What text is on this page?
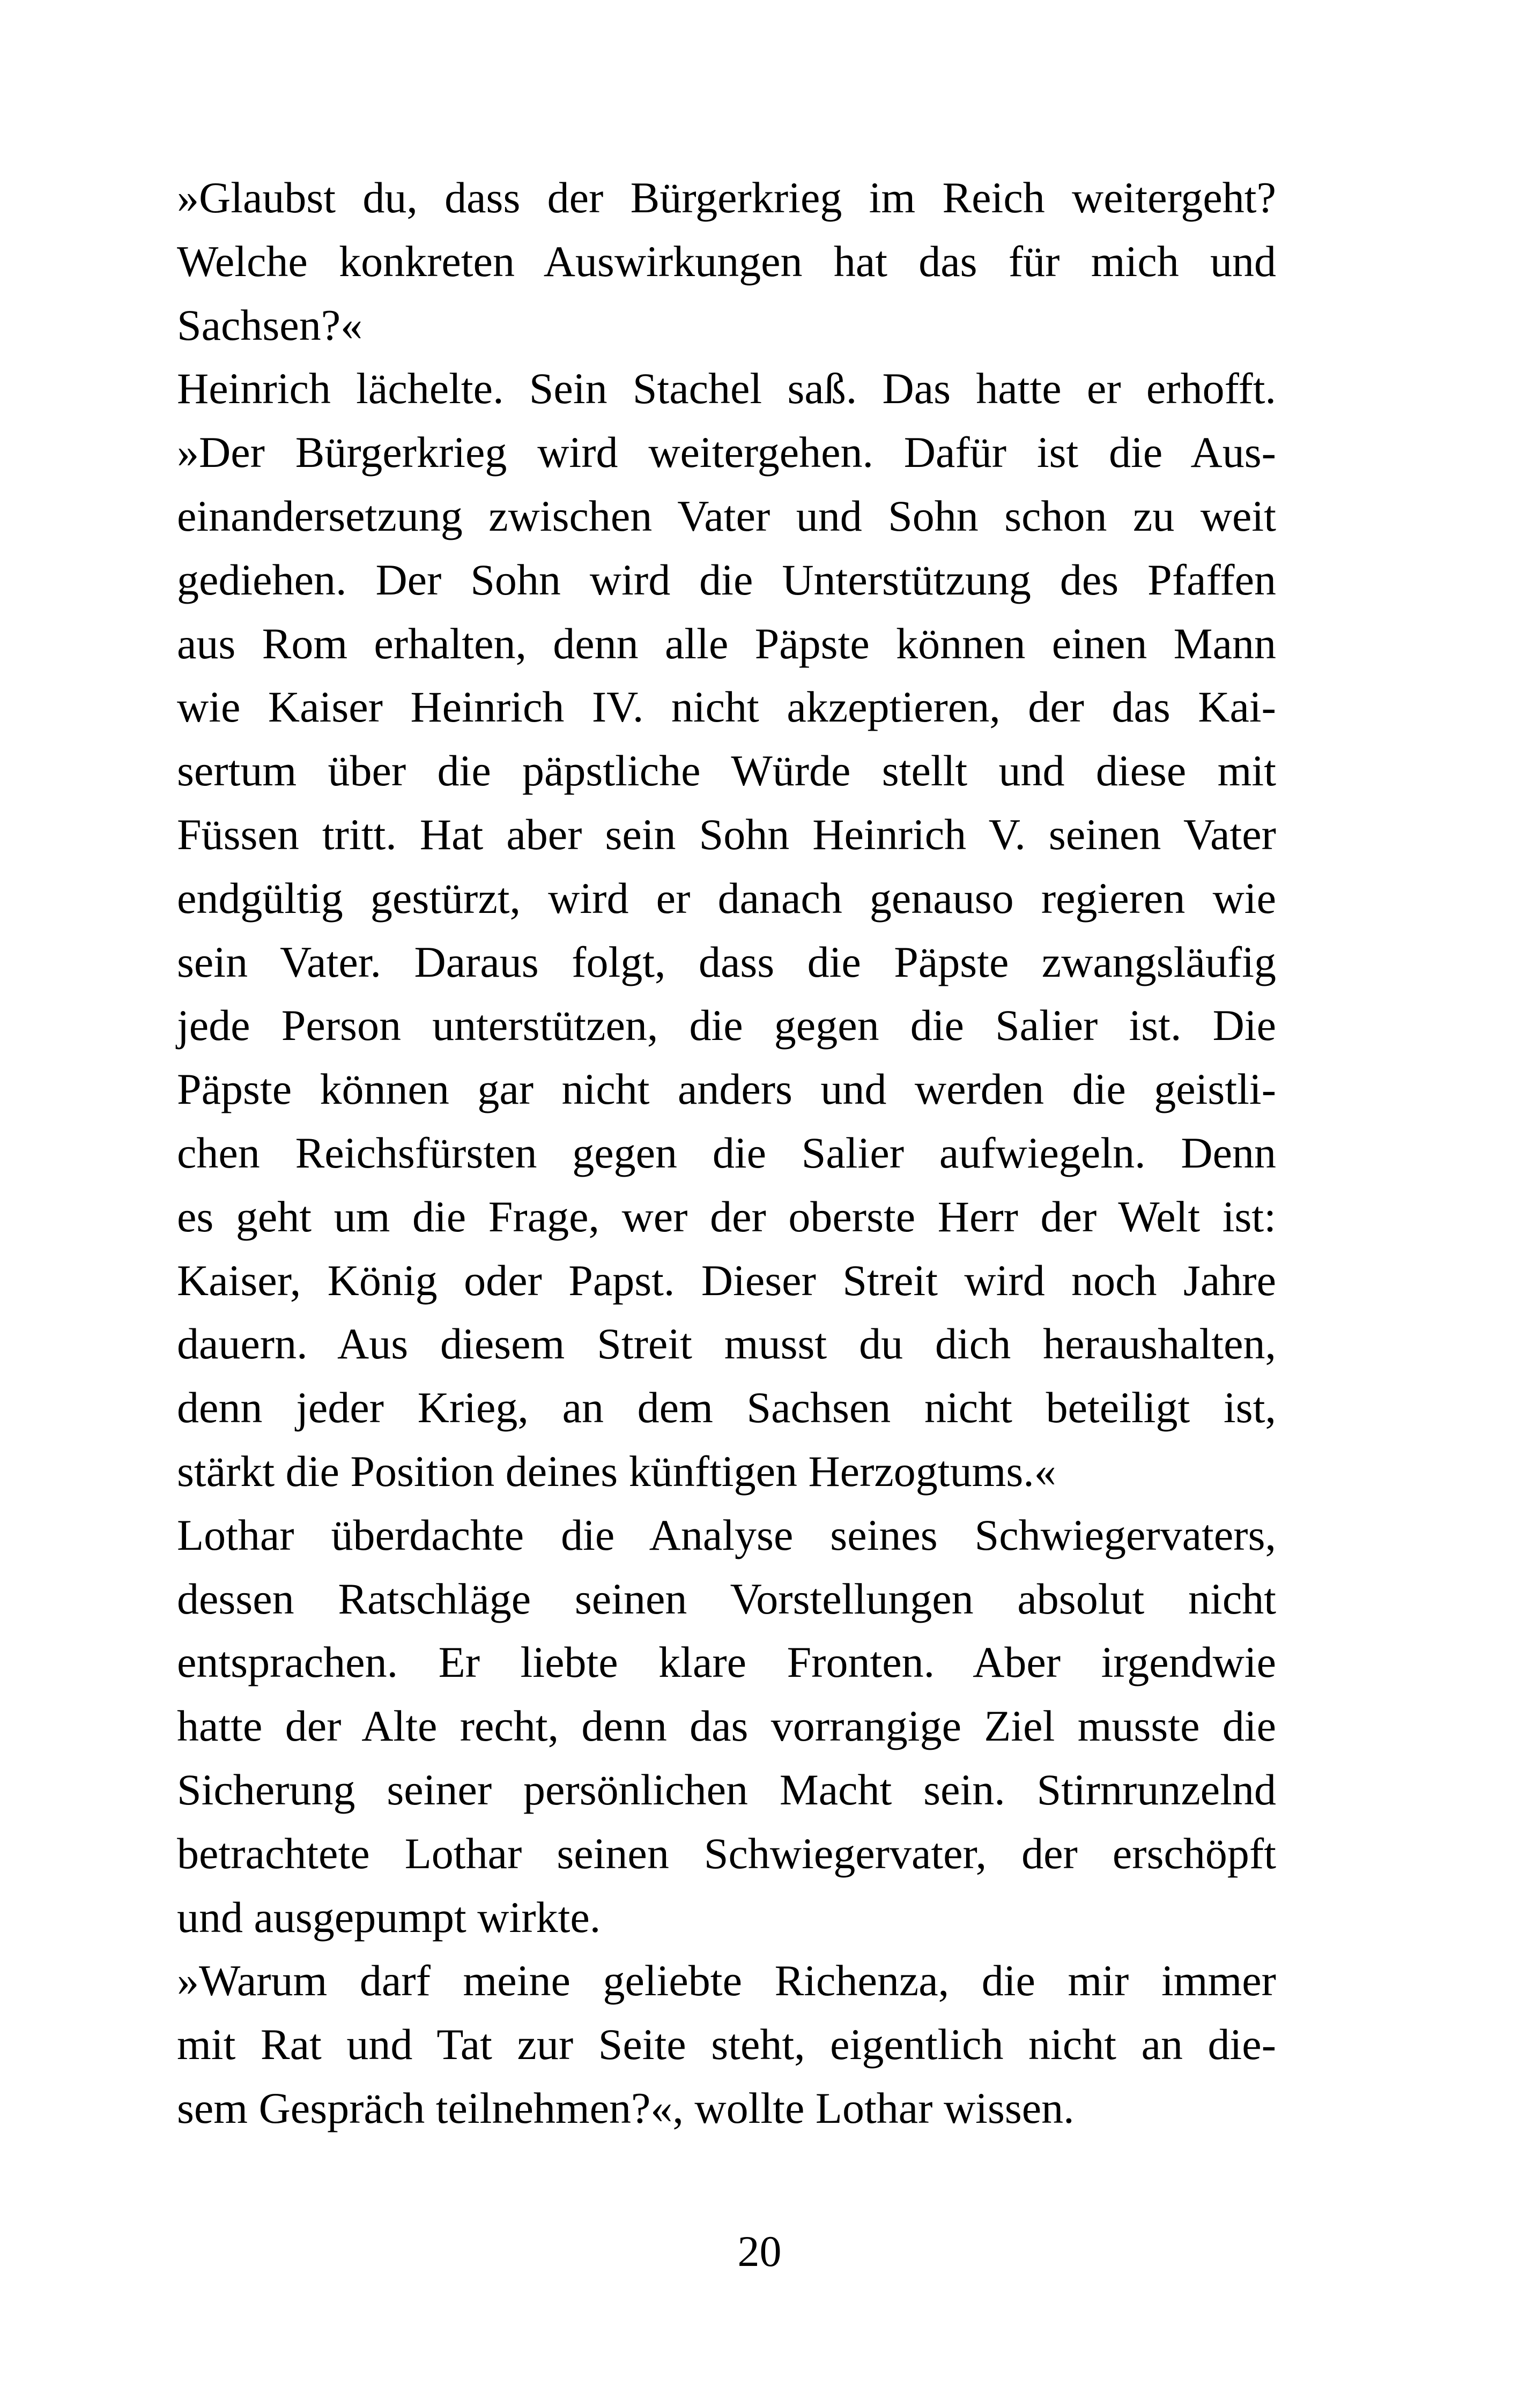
»Glaubst du, dass der Bürgerkrieg im Reich weitergeht?
Welche konkreten Auswirkungen hat das für mich und
Sachsen?«
Heinrich lächelte. Sein Stachel saß. Das hatte er erhofft.
»Der Bürgerkrieg wird weitergehen. Dafür ist die Aus-
einandersetzung zwischen Vater und Sohn schon zu weit
gediehen. Der Sohn wird die Unterstützung des Pfaffen
aus Rom erhalten, denn alle Päpste können einen Mann
wie Kaiser Heinrich IV. nicht akzeptieren, der das Kai-
sertum über die päpstliche Würde stellt und diese mit
Füssen tritt. Hat aber sein Sohn Heinrich V. seinen Vater
endgültig gestürzt, wird er danach genauso regieren wie
sein Vater. Daraus folgt, dass die Päpste zwangsläufig
jede Person unterstützen, die gegen die Salier ist. Die
Päpste können gar nicht anders und werden die geistli-
chen Reichsfürsten gegen die Salier aufwiegeln. Denn
es geht um die Frage, wer der oberste Herr der Welt ist:
Kaiser, König oder Papst. Dieser Streit wird noch Jahre
dauern. Aus diesem Streit musst du dich heraushalten,
denn jeder Krieg, an dem Sachsen nicht beteiligt ist,
stärkt die Position deines künftigen Herzogtums.«
Lothar überdachte die Analyse seines Schwiegervaters,
dessen Ratschläge seinen Vorstellungen absolut nicht
entsprachen. Er liebte klare Fronten. Aber irgendwie
hatte der Alte recht, denn das vorrangige Ziel musste die
Sicherung seiner persönlichen Macht sein. Stirnrunzelnd
betrachtete Lothar seinen Schwiegervater, der erschöpft
und ausgepumpt wirkte.
»Warum darf meine geliebte Richenza, die mir immer
mit Rat und Tat zur Seite steht, eigentlich nicht an die-
sem Gespräch teilnehmen?«, wollte Lothar wissen.
20
